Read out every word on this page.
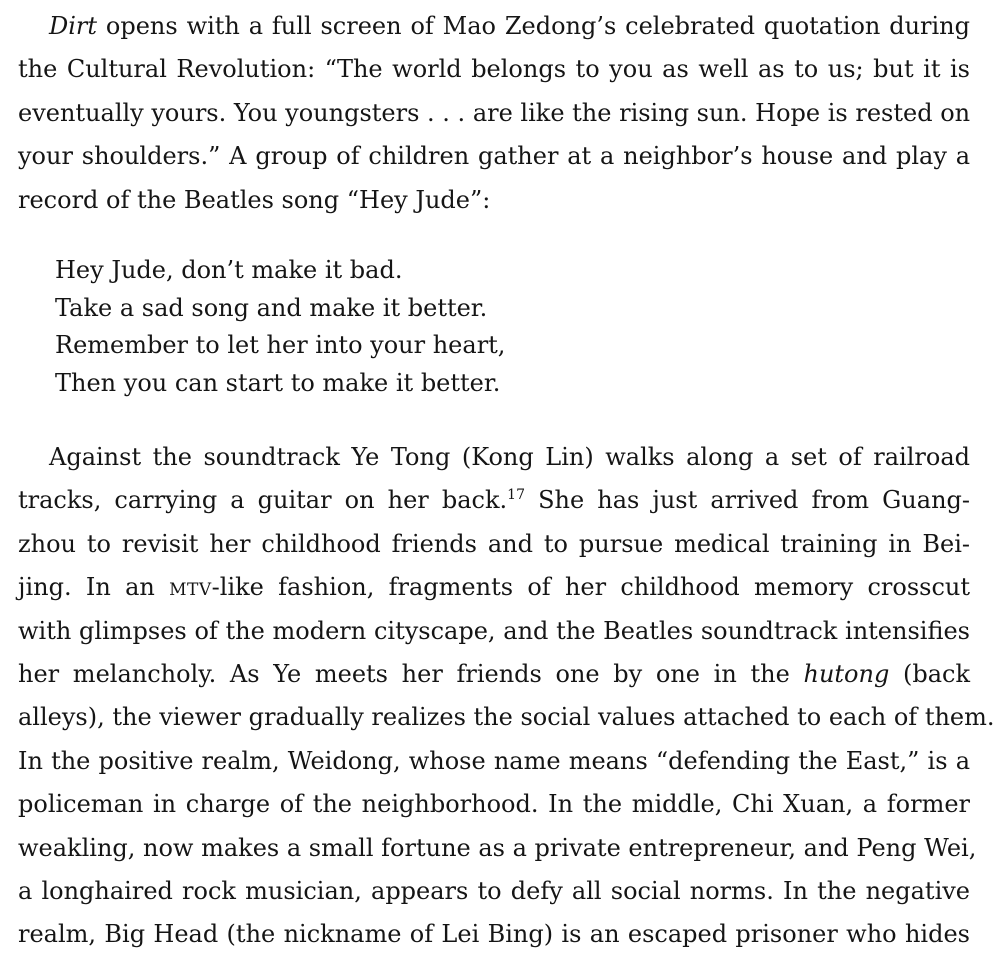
Dirt opens with a full screen of Mao Zedong’s celebrated quotation during
the Cultural Revolution: “The world belongs to you as well as to us; but it is
eventually yours. You youngsters . . . are like the rising sun. Hope is rested on
your shoulders.” A group of children gather at a neighbor’s house and play a
record of the Beatles song “Hey Jude”:
Hey Jude, don’t make it bad.
Take a sad song and make it better.
Remember to let her into your heart,
Then you can start to make it better.
Against the soundtrack Ye Tong (Kong Lin) walks along a set of railroad
tracks, carrying a guitar on her back.$^{17}$ She has just arrived from Guang-
zhou to revisit her childhood friends and to pursue medical training in Bei-
jing. In an mtv-like fashion, fragments of her childhood memory crosscut
with glimpses of the modern cityscape, and the Beatles soundtrack intensifies
her melancholy. As Ye meets her friends one by one in the hutong (back
alleys), the viewer gradually realizes the social values attached to each of them.
In the positive realm, Weidong, whose name means “defending the East,” is a
policeman in charge of the neighborhood. In the middle, Chi Xuan, a former
weakling, now makes a small fortune as a private entrepreneur, and Peng Wei,
a longhaired rock musician, appears to defy all social norms. In the negative
realm, Big Head (the nickname of Lei Bing) is an escaped prisoner who hides
